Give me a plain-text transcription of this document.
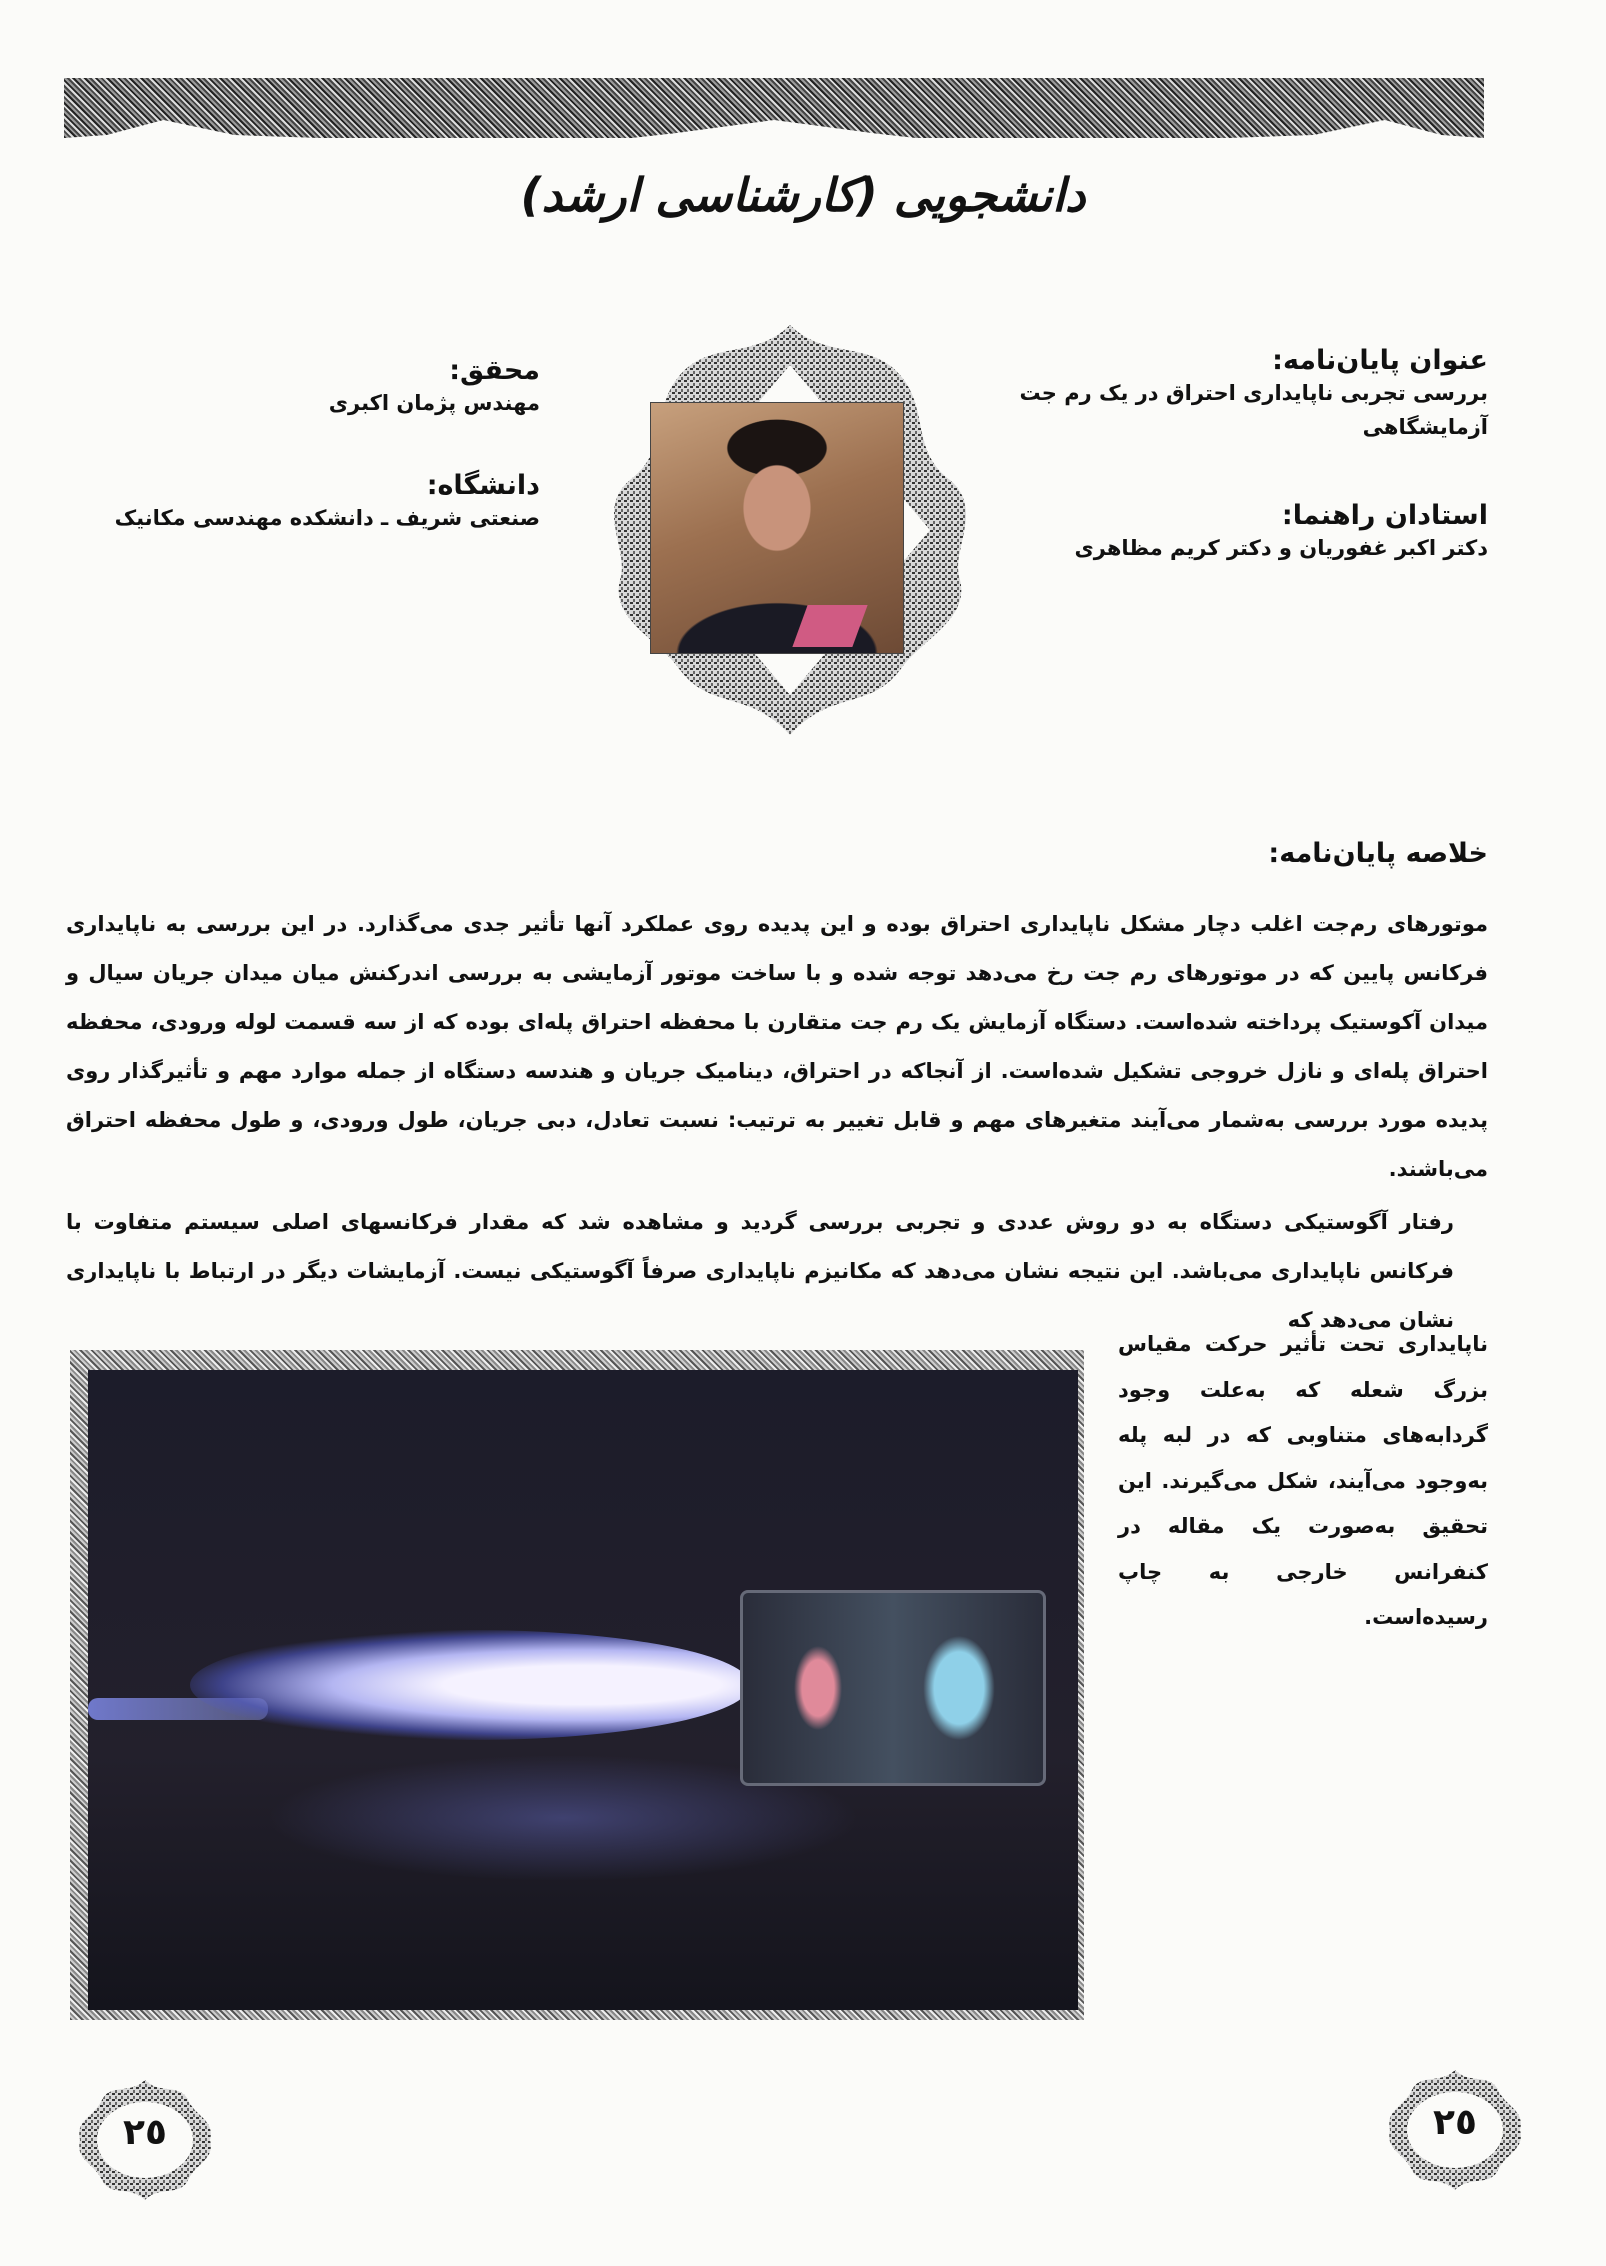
دانشجویی (کارشناسی ارشد)
عنوان پایان‌نامه:
بررسی تجربی ناپایداری احتراق در یک رم جت
آزمایشگاهی
استادان راهنما:
دکتر اکبر غفوریان و دکتر کریم مظاهری
محقق:
مهندس پژمان اکبری
دانشگاه:
صنعتی شریف ـ دانشکده مهندسی مکانیک
خلاصه پایان‌نامه:
موتورهای رم‌جت اغلب دچار مشکل ناپایداری احتراق بوده و این پدیده روی عملکرد آنها تأثیر جدی می‌گذارد. در این بررسی به ناپایداری فرکانس پایین که در موتورهای رم جت رخ می‌دهد توجه شده و با ساخت موتور آزمایشی به بررسی اندرکنش میان میدان جریان سیال و میدان آکوستیک پرداخته شده‌است. دستگاه آزمایش یک رم جت متقارن با محفظه احتراق پله‌ای بوده که از سه قسمت لوله ورودی، محفظه احتراق پله‌ای و نازل خروجی تشکیل شده‌است. از آنجاکه در احتراق، دینامیک جریان و هندسه دستگاه از جمله موارد مهم و تأثیرگذار روی پدیده مورد بررسی به‌شمار می‌آیند متغیرهای مهم و قابل تغییر به ترتیب: نسبت تعادل، دبی جریان، طول ورودی، و طول محفظه احتراق می‌باشند.
رفتار آگوستیکی دستگاه به دو روش عددی و تجربی بررسی گردید و مشاهده شد که مقدار فرکانسهای اصلی سیستم متفاوت با فرکانس ناپایداری می‌باشد. این نتیجه نشان می‌دهد که مکانیزم ناپایداری صرفاً آگوستیکی نیست. آزمایشات دیگر در ارتباط با ناپایداری نشان می‌دهد که
ناپایداری تحت تأثیر حرکت مقیاس بزرگ شعله که به‌علت وجود گردابه‌های متناوبی که در لبه پله به‌وجود می‌آیند، شکل می‌گیرند. این تحقیق به‌صورت یک مقاله در کنفرانس خارجی به چاپ رسیده‌است.
٢٥	٢٥
